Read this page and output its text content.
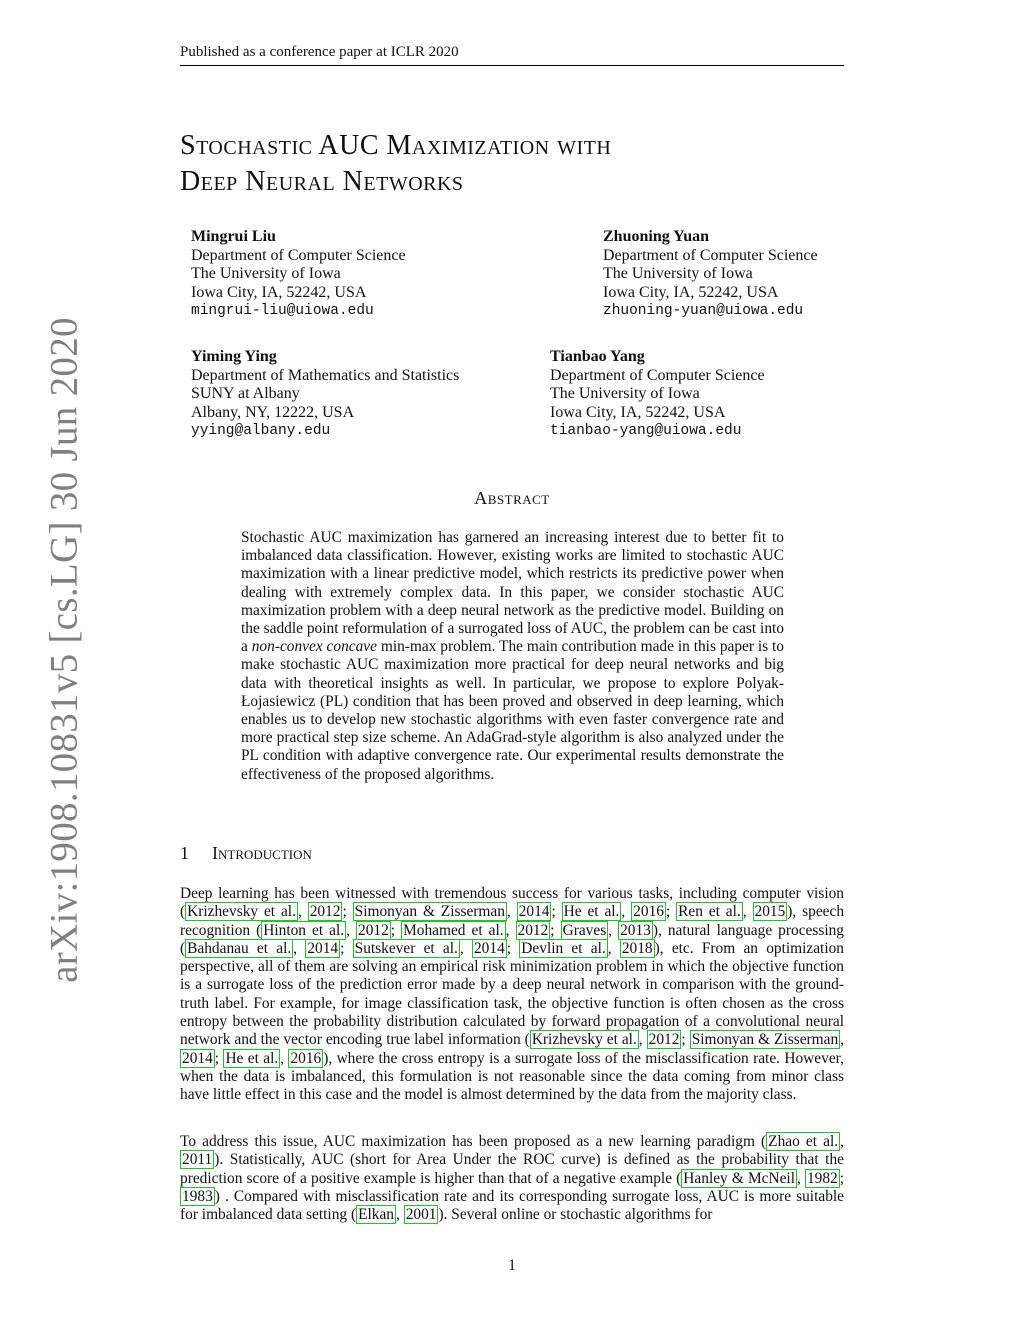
Published as a conference paper at ICLR 2020
Stochastic AUC Maximization with
Deep Neural Networks
Mingrui Liu
Department of Computer Science
The University of Iowa
Iowa City, IA, 52242, USA
mingrui-liu@uiowa.edu
Zhuoning Yuan
Department of Computer Science
The University of Iowa
Iowa City, IA, 52242, USA
zhuoning-yuan@uiowa.edu
Yiming Ying
Department of Mathematics and Statistics
SUNY at Albany
Albany, NY, 12222, USA
yying@albany.edu
Tianbao Yang
Department of Computer Science
The University of Iowa
Iowa City, IA, 52242, USA
tianbao-yang@uiowa.edu
Abstract
Stochastic AUC maximization has garnered an increasing interest due to better fit to imbalanced data classification. However, existing works are limited to stochastic AUC maximization with a linear predictive model, which restricts its predictive power when dealing with extremely complex data. In this paper, we consider stochastic AUC maximization problem with a deep neural network as the predictive model. Building on the saddle point reformulation of a surrogated loss of AUC, the problem can be cast into a non-convex concave min-max problem. The main contribution made in this paper is to make stochastic AUC maximization more practical for deep neural networks and big data with theoretical insights as well. In particular, we propose to explore Polyak-Łojasiewicz (PL) condition that has been proved and observed in deep learning, which enables us to develop new stochastic algorithms with even faster convergence rate and more practical step size scheme. An AdaGrad-style algorithm is also analyzed under the PL condition with adaptive convergence rate. Our experimental results demonstrate the effectiveness of the proposed algorithms.
1 Introduction
Deep learning has been witnessed with tremendous success for various tasks, including computer vision ( Krizhevsky et al. , 2012 ; Simonyan & Zisserman , 2014 ; He et al. , 2016 ; Ren et al. , 2015 ), speech recognition ( Hinton et al. , 2012 ; Mohamed et al. , 2012 ; Graves , 2013 ), natural language processing ( Bahdanau et al. , 2014 ; Sutskever et al. , 2014 ; Devlin et al. , 2018 ), etc. From an optimization perspective, all of them are solving an empirical risk minimization problem in which the objective function is a surrogate loss of the prediction error made by a deep neural network in comparison with the ground-truth label. For example, for image classification task, the objective function is often chosen as the cross entropy between the probability distribution calculated by forward propagation of a convolutional neural network and the vector encoding true label information ( Krizhevsky et al. , 2012 ; Simonyan & Zisserman , 2014 ; He et al. , 2016 ), where the cross entropy is a surrogate loss of the misclassification rate. However, when the data is imbalanced, this formulation is not reasonable since the data coming from minor class have little effect in this case and the model is almost determined by the data from the majority class.
To address this issue, AUC maximization has been proposed as a new learning paradigm ( Zhao et al. , 2011 ). Statistically, AUC (short for Area Under the ROC curve) is defined as the probability that the prediction score of a positive example is higher than that of a negative example ( Hanley & McNeil , 1982 ; 1983 ) . Compared with misclassification rate and its corresponding surrogate loss, AUC is more suitable for imbalanced data setting ( Elkan , 2001 ). Several online or stochastic algorithms for
arXiv:1908.10831v5 [cs.LG] 30 Jun 2020
1
